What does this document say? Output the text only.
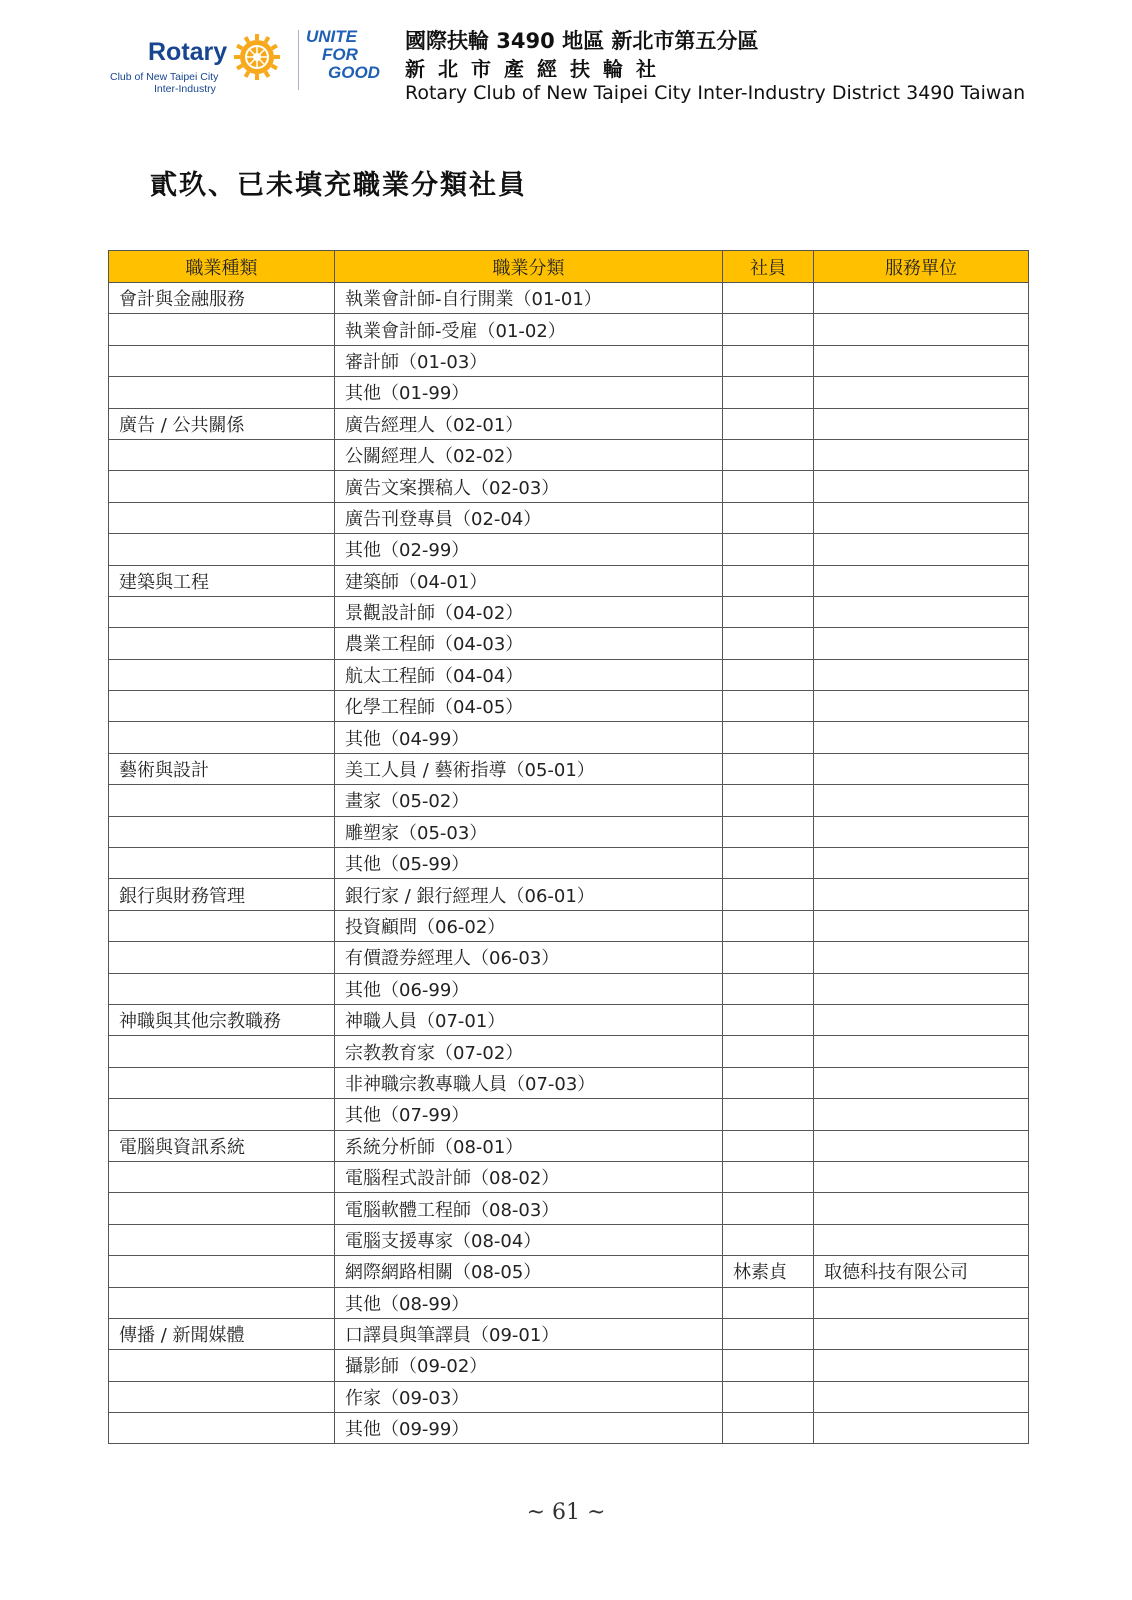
Rotary
Club of New Taipei City
Inter-Industry
UNITE
FOR
GOOD
國際扶輪 3490 地區 新北市第五分區
新北市產經扶輪社
Rotary Club of New Taipei City Inter-Industry District 3490 Taiwan
貳玖、已未填充職業分類社員
職業種類	職業分類	社員	服務單位
會計與金融服務	執業會計師-自行開業（01-01）		
	執業會計師-受雇（01-02）		
	審計師（01-03）		
	其他（01-99）		
廣告 / 公共關係	廣告經理人（02-01）		
	公關經理人（02-02）		
	廣告文案撰稿人（02-03）		
	廣告刊登專員（02-04）		
	其他（02-99）		
建築與工程	建築師（04-01）		
	景觀設計師（04-02）		
	農業工程師（04-03）		
	航太工程師（04-04）		
	化學工程師（04-05）		
	其他（04-99）		
藝術與設計	美工人員 / 藝術指導（05-01）		
	畫家（05-02）		
	雕塑家（05-03）		
	其他（05-99）		
銀行與財務管理	銀行家 / 銀行經理人（06-01）		
	投資顧問（06-02）		
	有價證券經理人（06-03）		
	其他（06-99）		
神職與其他宗教職務	神職人員（07-01）		
	宗教教育家（07-02）		
	非神職宗教專職人員（07-03）		
	其他（07-99）		
電腦與資訊系統	系統分析師（08-01）		
	電腦程式設計師（08-02）		
	電腦軟體工程師（08-03）		
	電腦支援專家（08-04）		
	網際網路相關（08-05）	林素貞	取德科技有限公司
	其他（08-99）		
傳播 / 新聞媒體	口譯員與筆譯員（09-01）		
	攝影師（09-02）		
	作家（09-03）		
	其他（09-99）		
~ 61 ~
